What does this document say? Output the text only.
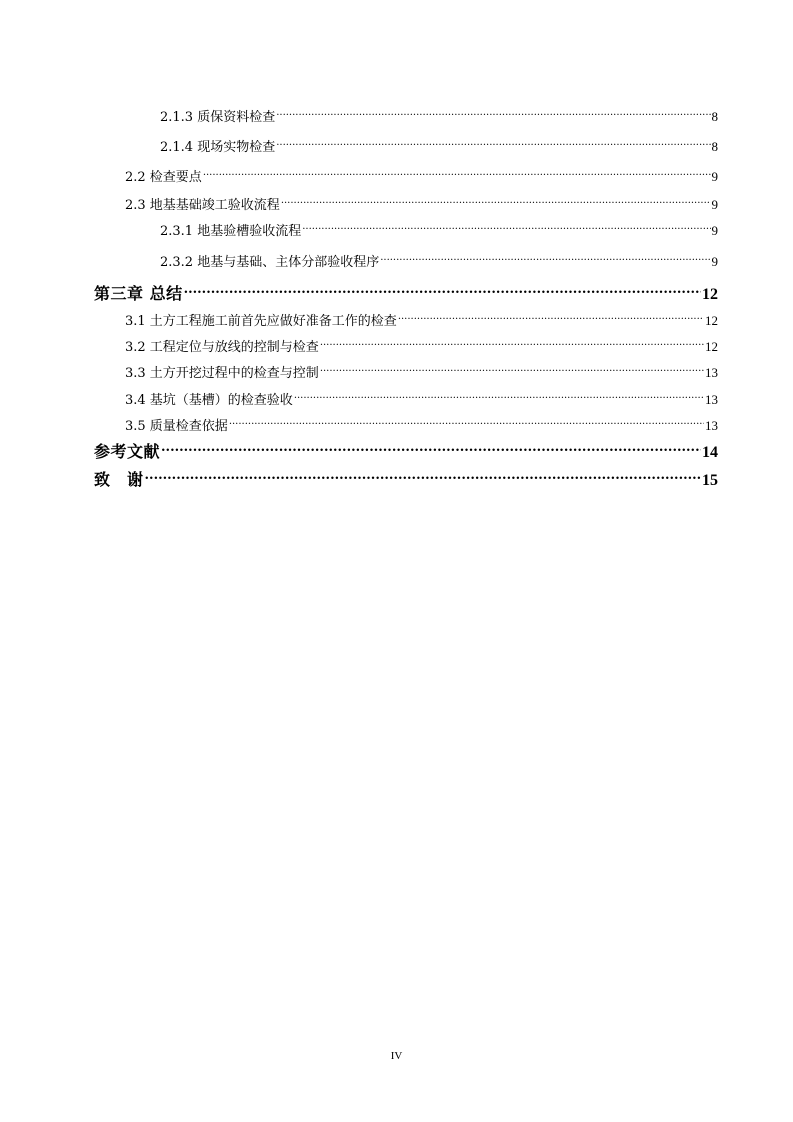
2.1.3 质保资料检查 .....	8
2.1.4 现场实物检查 .....	8
2.2 检查要点 .....	9
2.3 地基基础竣工验收流程 .....	9
2.3.1 地基验槽验收流程 .....	9
2.3.2 地基与基础、主体分部验收程序 .....	9
第三章 总结 .....	12
3.1 土方工程施工前首先应做好准备工作的检查 .....	12
3.2 工程定位与放线的控制与检查 .....	12
3.3 土方开挖过程中的检查与控制 .....	13
3.4 基坑（基槽）的检查验收 .....	13
3.5 质量检查依据 .....	13
参考文献 .....	14
致　谢 .....	15
IV
